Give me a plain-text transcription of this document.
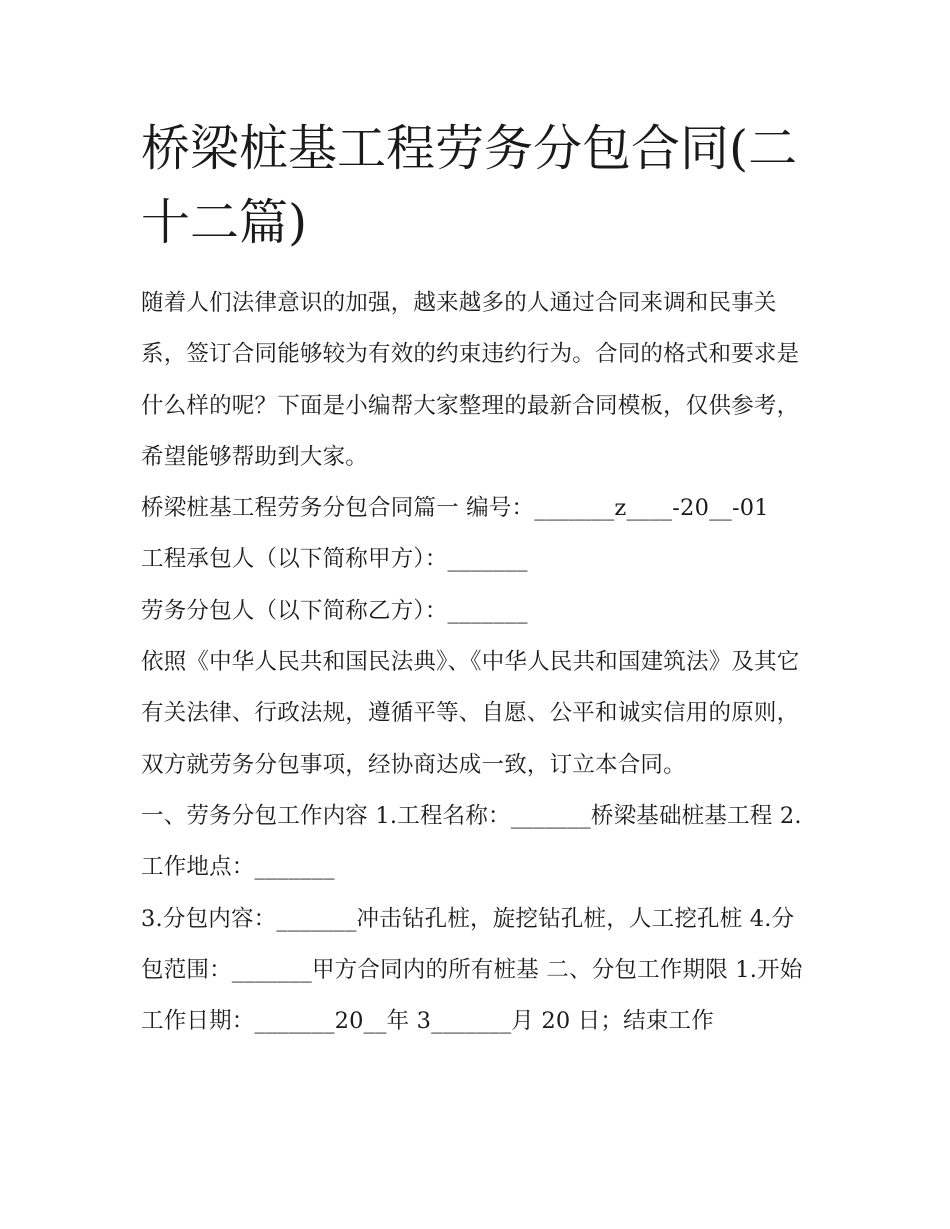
桥梁桩基工程劳务分包合同(二十二篇)

随着人们法律意识的加强，越来越多的人通过合同来调和民事关系，签订合同能够较为有效的约束违约行为。合同的格式和要求是什么样的呢？下面是小编帮大家整理的最新合同模板，仅供参考，希望能够帮助到大家。

桥梁桩基工程劳务分包合同篇一 编号：_______z____-20__-01

工程承包人（以下简称甲方）：_______

劳务分包人（以下简称乙方）：_______

依照《中华人民共和国民法典》、《中华人民共和国建筑法》及其它有关法律、行政法规，遵循平等、自愿、公平和诚实信用的原则，双方就劳务分包事项，经协商达成一致，订立本合同。

一、劳务分包工作内容 1.工程名称：_______桥梁基础桩基工程 2.工作地点：_______

3.分包内容：_______冲击钻孔桩，旋挖钻孔桩，人工挖孔桩 4.分包范围：_______甲方合同内的所有桩基 二、分包工作期限 1.开始工作日期：_______20__年 3_______月 20 日；结束工作
